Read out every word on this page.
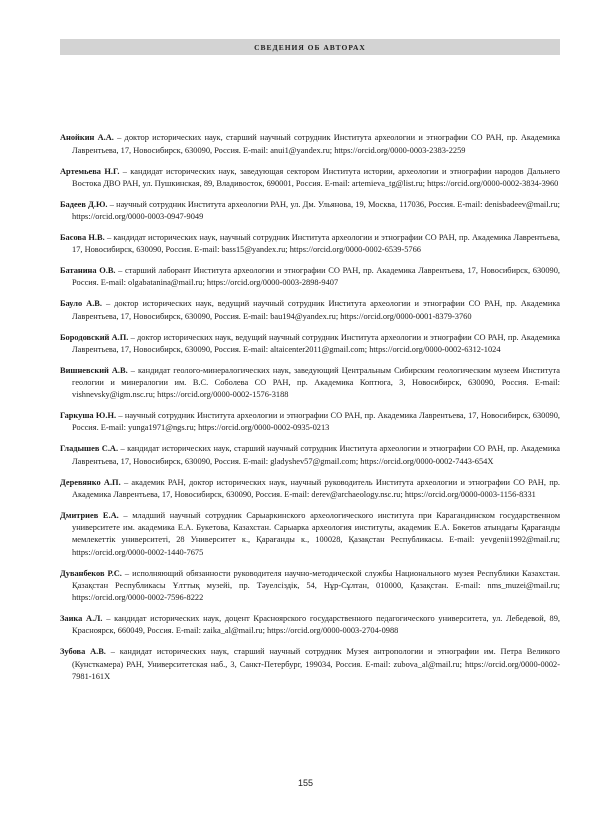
СВЕДЕНИЯ ОБ АВТОРАХ

Анойкин А.А. – доктор исторических наук, старший научный сотрудник Института археологии и этнографии СО РАН, пр. Академика Лаврентьева, 17, Новосибирск, 630090, Россия. E-mail: anui1@yandex.ru; https://orcid.org/0000-0003-2383-2259

Артемьева Н.Г. – кандидат исторических наук, заведующая сектором Института истории, археологии и этнографии народов Дальнего Востока ДВО РАН, ул. Пушкинская, 89, Владивосток, 690001, Россия. E-mail: artemieva_tg@list.ru; https://orcid.org/0000-0002-3834-3960

Бадеев Д.Ю. – научный сотрудник Института археологии РАН, ул. Дм. Ульянова, 19, Москва, 117036, Россия. E-mail: denisbadeev@mail.ru; https://orcid.org/0000-0003-0947-9049

Басова Н.В. – кандидат исторических наук, научный сотрудник Института археологии и этнографии СО РАН, пр. Академика Лаврентьева, 17, Новосибирск, 630090, Россия. E-mail: bass15@yandex.ru; https://orcid.org/0000-0002-6539-5766

Батанина О.В. – старший лаборант Института археологии и этнографии СО РАН, пр. Академика Лаврентьева, 17, Новосибирск, 630090, Россия. E-mail: olgabatanina@mail.ru; https://orcid.org/0000-0003-2898-9407

Бауло А.В. – доктор исторических наук, ведущий научный сотрудник Института археологии и этнографии СО РАН, пр. Академика Лаврентьева, 17, Новосибирск, 630090, Россия. E-mail: bau194@yandex.ru; https://orcid.org/0000-0001-8379-3760

Бородовский А.П. – доктор исторических наук, ведущий научный сотрудник Института археологии и этнографии СО РАН, пр. Академика Лаврентьева, 17, Новосибирск, 630090, Россия. E-mail: altaicenter2011@gmail.com; https://orcid.org/0000-0002-6312-1024

Вишневский А.В. – кандидат геолого-минералогических наук, заведующий Центральным Сибирским геологическим музеем Института геологии и минералогии им. В.С. Соболева СО РАН, пр. Академика Коптюга, 3, Новосибирск, 630090, Россия. E-mail: vishnevsky@igm.nsc.ru; https://orcid.org/0000-0002-1576-3188

Гаркуша Ю.Н. – научный сотрудник Института археологии и этнографии СО РАН, пр. Академика Лаврентьева, 17, Новосибирск, 630090, Россия. E-mail: yunga1971@ngs.ru; https://orcid.org/0000-0002-0935-0213

Гладышев С.А. – кандидат исторических наук, старший научный сотрудник Института археологии и этнографии СО РАН, пр. Академика Лаврентьева, 17, Новосибирск, 630090, Россия. E-mail: gladyshev57@gmail.com; https://orcid.org/0000-0002-7443-654X

Деревянко А.П. – академик РАН, доктор исторических наук, научный руководитель Института археологии и этнографии СО РАН, пр. Академика Лаврентьева, 17, Новосибирск, 630090, Россия. E-mail: derev@archaeology.nsc.ru; https://orcid.org/0000-0003-1156-8331

Дмитриев Е.А. – младший научный сотрудник Сарыаркинского археологического института при Карагандинском государственном университете им. академика Е.А. Букетова, Казахстан. Сарыарка археология институты, академик Е.А. Бөкетов атындағы Қарағанды мемлекеттік университеті, 28 Университет к., Қарағанды к., 100028, Қазақстан Республикасы. E-mail: yevgenii1992@mail.ru; https://orcid.org/0000-0002-1440-7675

Дуванбеков Р.С. – исполняющий обязанности руководителя научно-методической службы Национального музея Республики Казахстан. Қазақстан Республикасы Ұлттық музейі, пр. Тәуелсіздік, 54, Нұр-Сұлтан, 010000, Қазақстан. E-mail: nms_muzei@mail.ru; https://orcid.org/0000-0002-7596-8222

Заика А.Л. – кандидат исторических наук, доцент Красноярского государственного педагогического университета, ул. Лебедевой, 89, Красноярск, 660049, Россия. E-mail: zaika_al@mail.ru; https://orcid.org/0000-0003-2704-0988

Зубова А.В. – кандидат исторических наук, старший научный сотрудник Музея антропологии и этнографии им. Петра Великого (Кунсткамера) РАН, Университетская наб., 3, Санкт-Петербург, 199034, Россия. E-mail: zubova_al@mail.ru; https://orcid.org/0000-0002-7981-161X

155
